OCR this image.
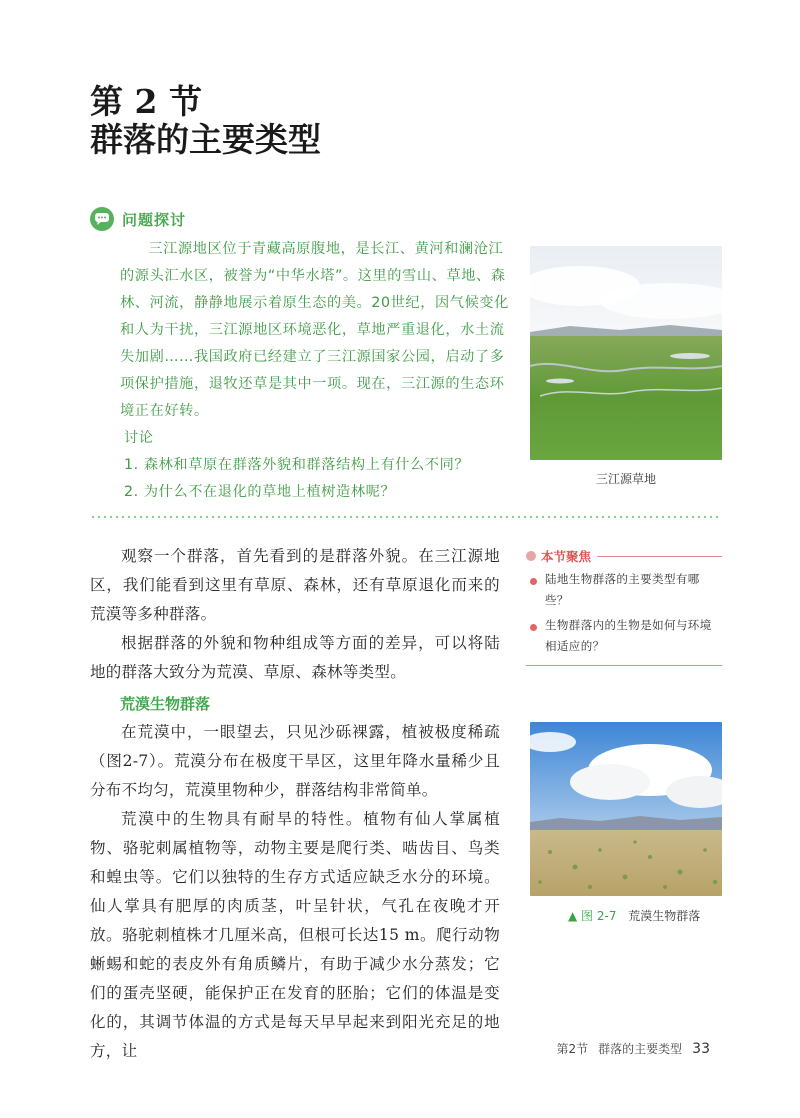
第 2 节
群落的主要类型
问题探讨

三江源地区位于青藏高原腹地，是长江、黄河和澜沧江的源头汇水区，被誉为“中华水塔”。这里的雪山、草地、森林、河流，静静地展示着原生态的美。20世纪，因气候变化和人为干扰，三江源地区环境恶化，草地严重退化，水土流失加剧……我国政府已经建立了三江源国家公园，启动了多项保护措施，退牧还草是其中一项。现在，三江源的生态环境正在好转。

讨论
1. 森林和草原在群落外貌和群落结构上有什么不同？
2. 为什么不在退化的草地上植树造林呢？
三江源草地

观察一个群落，首先看到的是群落外貌。在三江源地区，我们能看到这里有草原、森林，还有草原退化而来的荒漠等多种群落。

根据群落的外貌和物种组成等方面的差异，可以将陆地的群落大致分为荒漠、草原、森林等类型。

本节聚焦
陆地生物群落的主要类型有哪些？
生物群落内的生物是如何与环境相适应的？
荒漠生物群落

在荒漠中，一眼望去，只见沙砾裸露，植被极度稀疏（图2-7）。荒漠分布在极度干旱区，这里年降水量稀少且分布不均匀，荒漠里物种少，群落结构非常简单。

荒漠中的生物具有耐旱的特性。植物有仙人掌属植物、骆驼刺属植物等，动物主要是爬行类、啮齿目、鸟类和蝗虫等。它们以独特的生存方式适应缺乏水分的环境。仙人掌具有肥厚的肉质茎，叶呈针状，气孔在夜晚才开放。骆驼刺植株才几厘米高，但根可长达15 m。爬行动物蜥蜴和蛇的表皮外有角质鳞片，有助于减少水分蒸发；它们的蛋壳坚硬，能保护正在发育的胚胎；它们的体温是变化的，其调节体温的方式是每天早早起来到阳光充足的地方，让

▲ 图 2-7 荒漠生物群落
第2节 群落的主要类型 33
